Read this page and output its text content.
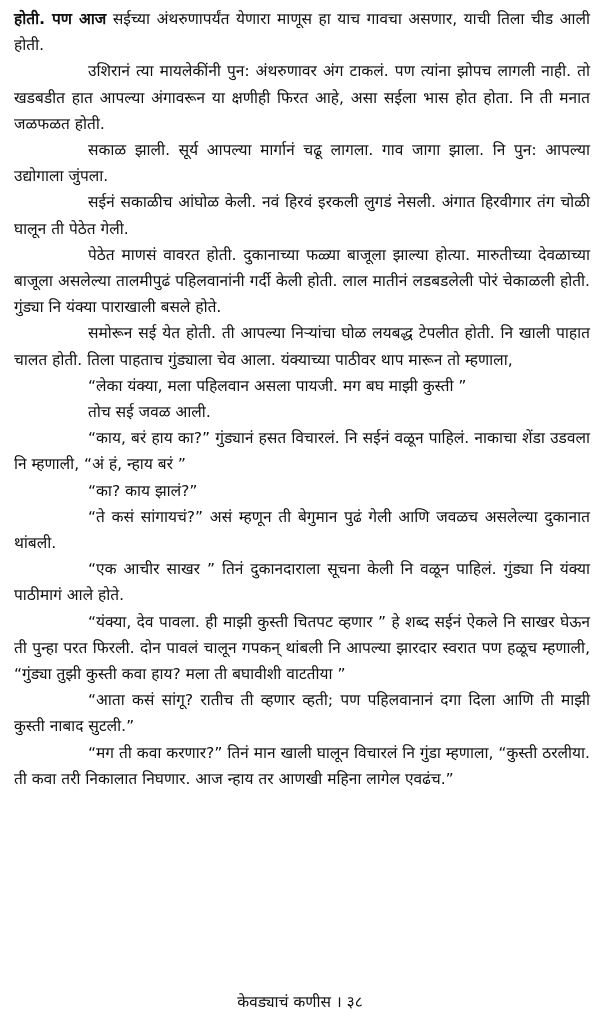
होती. पण आज सईच्या अंथरुणापर्यंत येणारा माणूस हा याच गावचा असणार, याची तिला चीड आली होती.

उशिरानं त्या मायलेकींनी पुन: अंथरुणावर अंग टाकलं. पण त्यांना झोपच लागली नाही. तो खडबडीत हात आपल्या अंगावरून या क्षणीही फिरत आहे, असा सईला भास होत होता. नि ती मनात जळफळत होती.

सकाळ झाली. सूर्य आपल्या मार्गानं चढू लागला. गाव जागा झाला. नि पुन: आपल्या उद्योगाला जुंपला.

सईनं सकाळीच आंघोळ केली. नवं हिरवं इरकली लुगडं नेसली. अंगात हिरवीगार तंग चोळी घालून ती पेठेत गेली.

पेठेत माणसं वावरत होती. दुकानाच्या फळ्या बाजूला झाल्या होत्या. मारुतीच्या देवळाच्या बाजूला असलेल्या तालमीपुढं पहिलवानांनी गर्दी केली होती. लाल मातीनं लडबडलेली पोरं चेकाळली होती. गुंड्या नि यंक्या पाराखाली बसले होते.

समोरून सई येत होती. ती आपल्या निऱ्यांचा घोळ लयबद्ध टेपलीत होती. नि खाली पाहात चालत होती. तिला पाहताच गुंड्याला चेव आला. यंक्याच्या पाठीवर थाप मारून तो म्हणाला,

“लेका यंक्या, मला पहिलवान असला पायजी. मग बघ माझी कुस्ती ”

तोच सई जवळ आली.

“काय, बरं हाय का?” गुंड्यानं हसत विचारलं. नि सईनं वळून पाहिलं. नाकाचा शेंडा उडवला नि म्हणाली, “अं हं, न्हाय बरं ”

“का? काय झालं?”

“ते कसं सांगायचं?” असं म्हणून ती बेगुमान पुढं गेली आणि जवळच असलेल्या दुकानात थांबली.

“एक आचीर साखर ” तिनं दुकानदाराला सूचना केली नि वळून पाहिलं. गुंड्या नि यंक्या पाठीमागं आले होते.

“यंक्या, देव पावला. ही माझी कुस्ती चितपट व्हणार ” हे शब्द सईनं ऐकले नि साखर घेऊन ती पुन्हा परत फिरली. दोन पावलं चालून गपकन् थांबली नि आपल्या झारदार स्वरात पण हळूच म्हणाली, “गुंड्या तुझी कुस्ती कवा हाय? मला ती बघावीशी वाटतीया ”

“आता कसं सांगू? रातीच ती व्हणार व्हती; पण पहिलवानानं दगा दिला आणि ती माझी कुस्ती नाबाद सुटली.”

“मग ती कवा करणार?” तिनं मान खाली घालून विचारलं नि गुंडा म्हणाला, “कुस्ती ठरलीया. ती कवा तरी निकालात निघणार. आज न्हाय तर आणखी महिना लागेल एवढंच.”

केवड्याचं कणीस । ३८
